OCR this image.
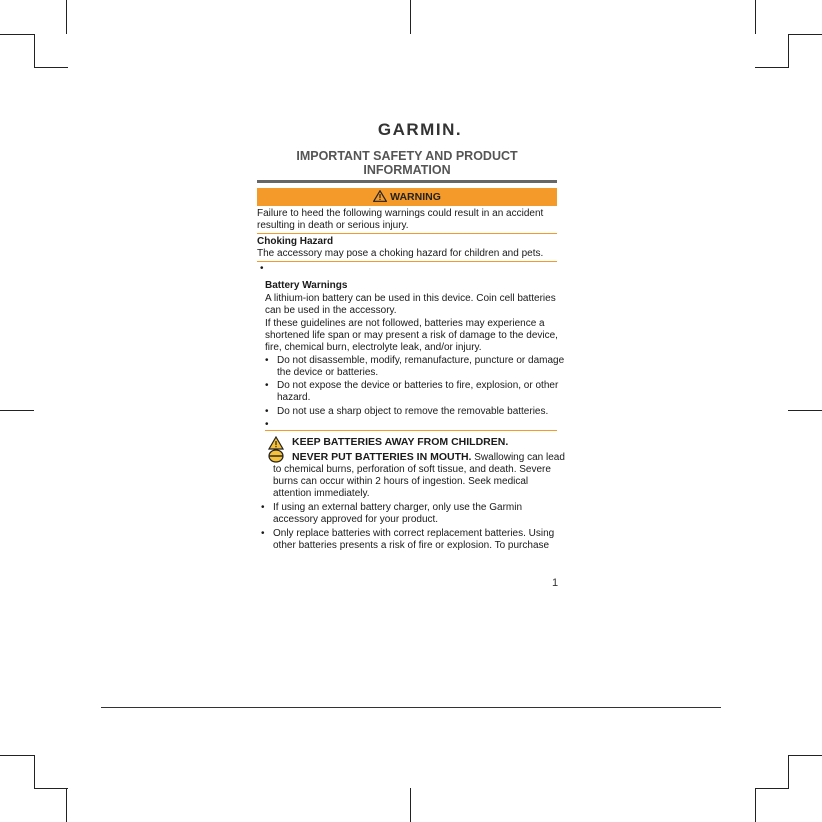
GARMIN.
IMPORTANT SAFETY AND PRODUCT
INFORMATION
WARNING
Failure to heed the following warnings could result in an accident
resulting in death or serious injury.
Choking Hazard
The accessory may pose a choking hazard for children and pets.
•
Battery Warnings
A lithium-ion battery can be used in this device. Coin cell batteries
can be used in the accessory.
If these guidelines are not followed, batteries may experience a
shortened life span or may present a risk of damage to the device,
fire, chemical burn, electrolyte leak, and/or injury.
• Do not disassemble, modify, remanufacture, puncture or damage
the device or batteries.
• Do not expose the device or batteries to fire, explosion, or other
hazard.
• Do not use a sharp object to remove the removable batteries.
•
KEEP BATTERIES AWAY FROM CHILDREN.
NEVER PUT BATTERIES IN MOUTH. Swallowing can lead
to chemical burns, perforation of soft tissue, and death. Severe
burns can occur within 2 hours of ingestion. Seek medical
attention immediately.
• If using an external battery charger, only use the Garmin
accessory approved for your product.
• Only replace batteries with correct replacement batteries. Using
other batteries presents a risk of fire or explosion. To purchase
1
